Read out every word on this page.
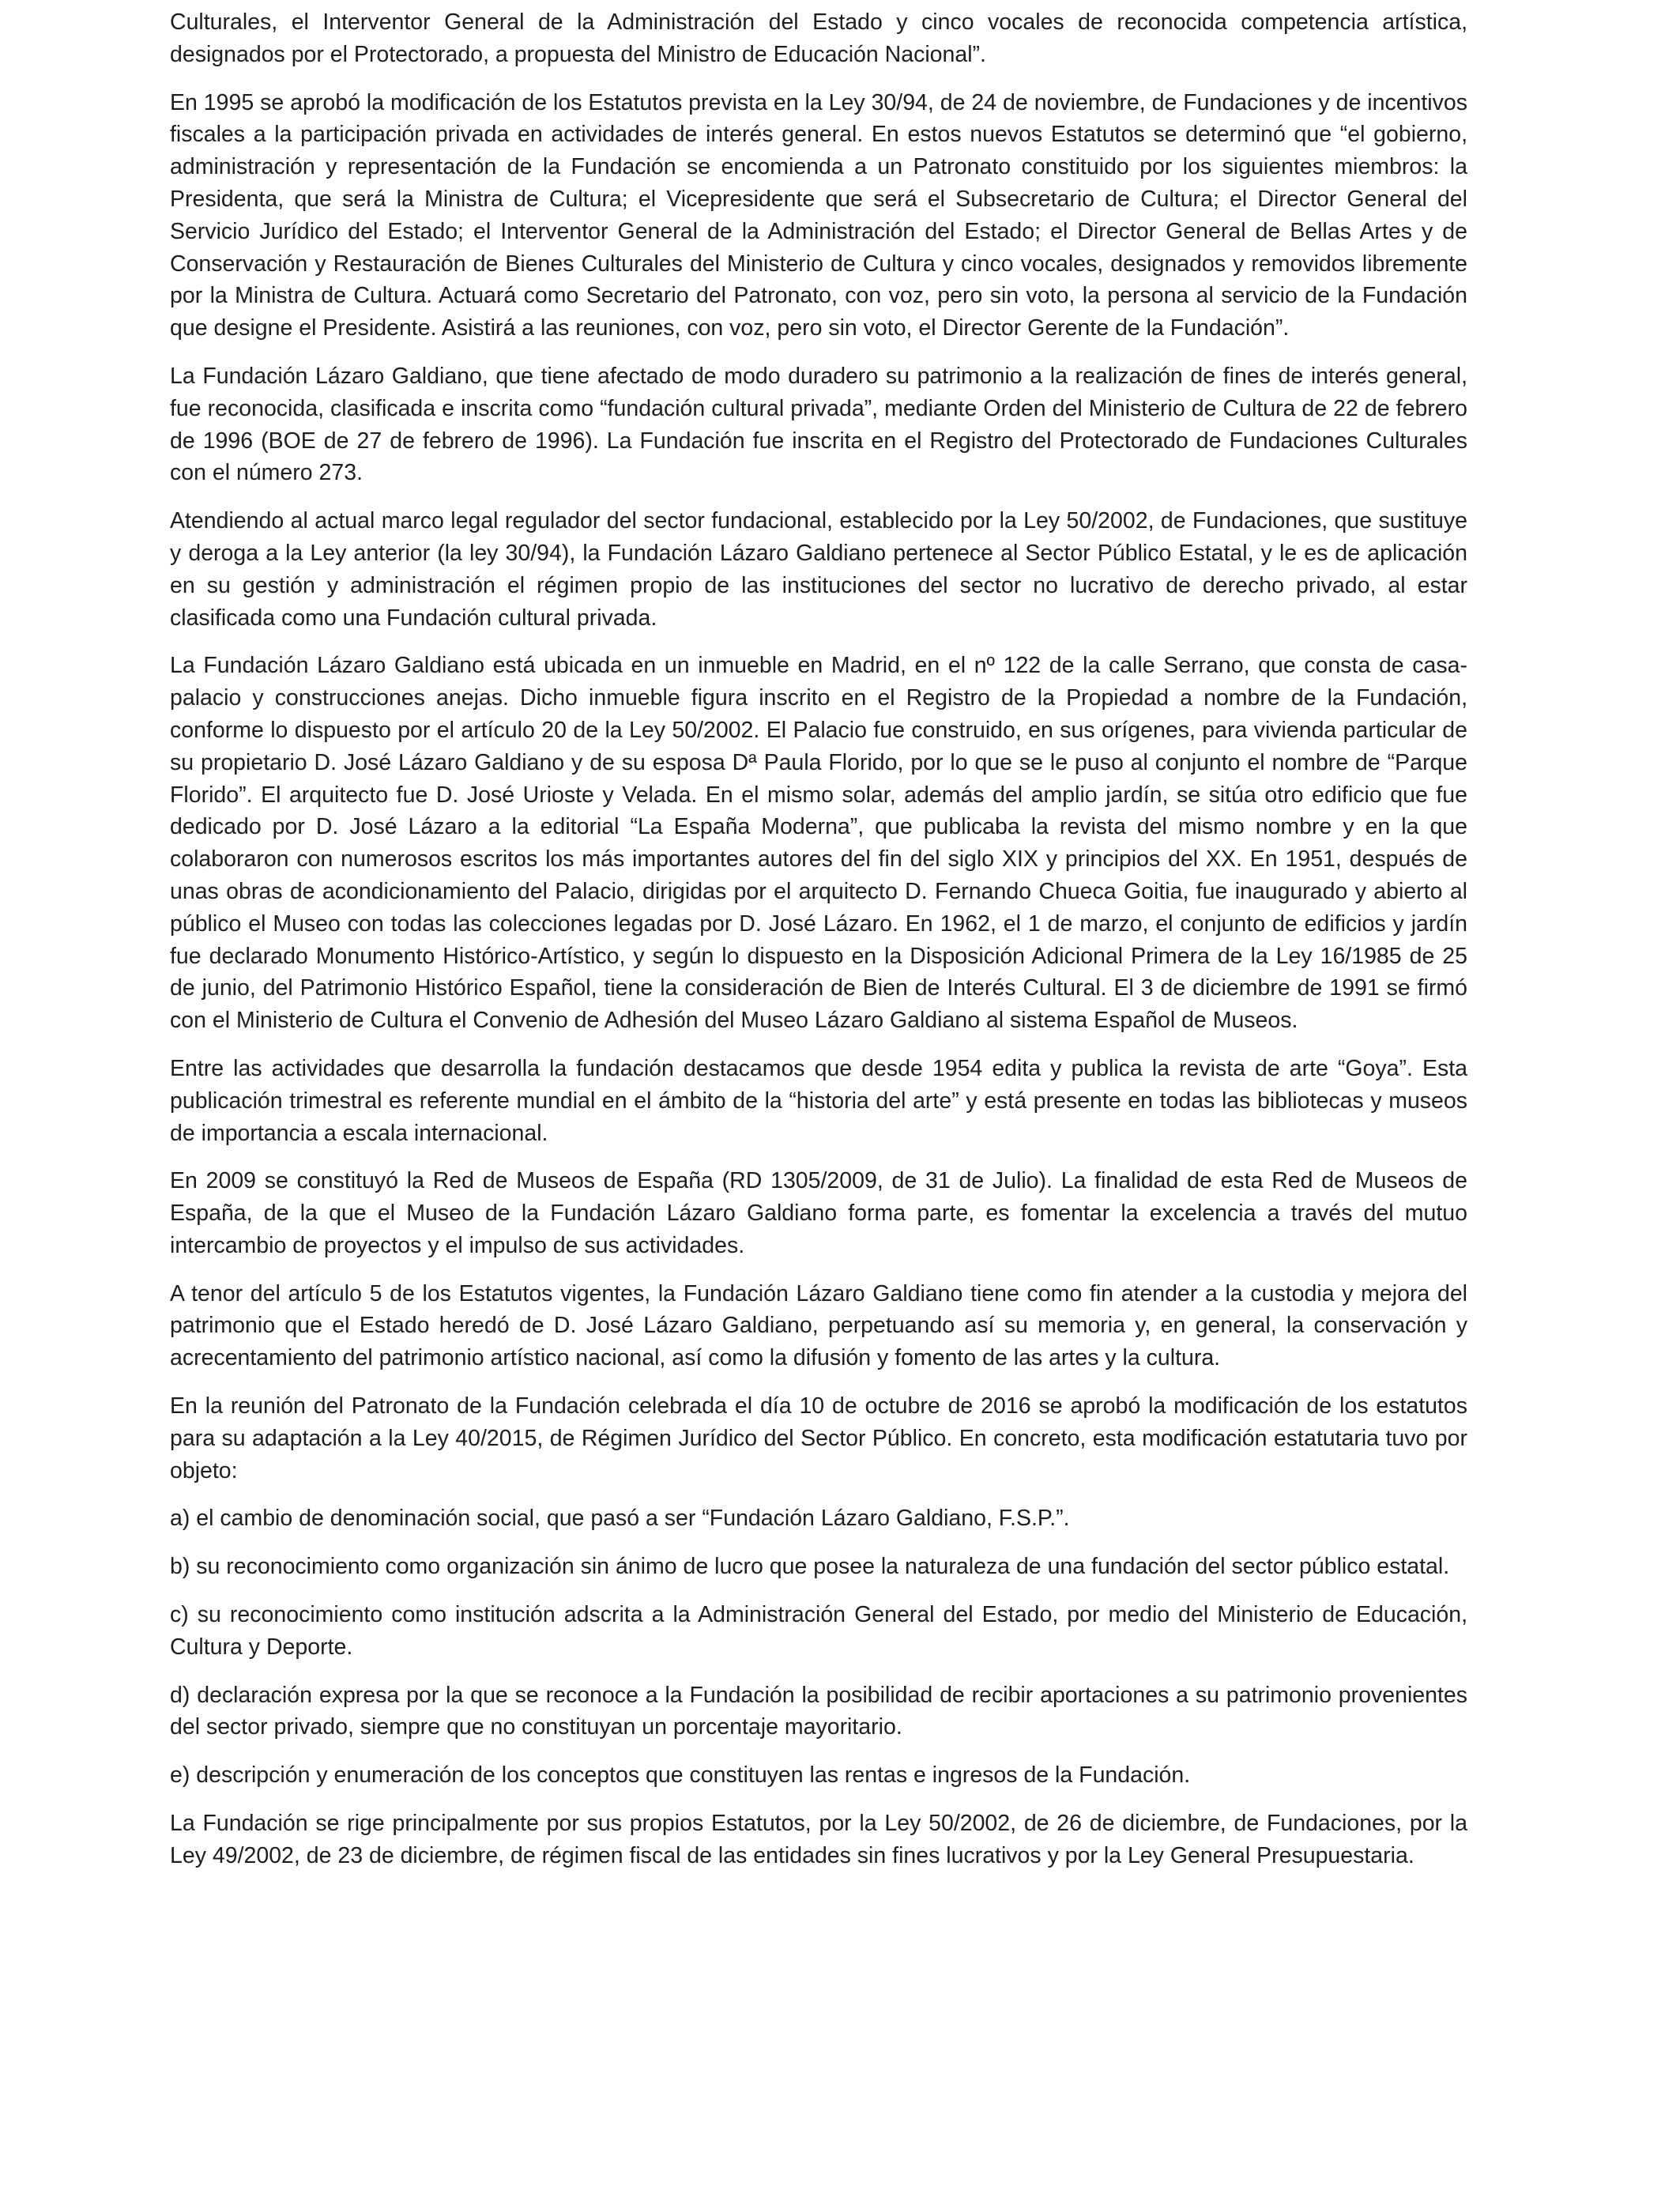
Culturales, el Interventor General de la Administración del Estado y cinco vocales de reconocida competencia artística, designados por el Protectorado, a propuesta del Ministro de Educación Nacional”.

En 1995 se aprobó la modificación de los Estatutos prevista en la Ley 30/94, de 24 de noviembre, de Fundaciones y de incentivos fiscales a la participación privada en actividades de interés general. En estos nuevos Estatutos se determinó que “el gobierno, administración y representación de la Fundación se encomienda a un Patronato constituido por los siguientes miembros: la Presidenta, que será la Ministra de Cultura; el Vicepresidente que será el Subsecretario de Cultura; el Director General del Servicio Jurídico del Estado; el Interventor General de la Administración del Estado; el Director General de Bellas Artes y de Conservación y Restauración de Bienes Culturales del Ministerio de Cultura y cinco vocales, designados y removidos libremente por la Ministra de Cultura. Actuará como Secretario del Patronato, con voz, pero sin voto, la persona al servicio de la Fundación que designe el Presidente. Asistirá a las reuniones, con voz, pero sin voto, el Director Gerente de la Fundación”.

La Fundación Lázaro Galdiano, que tiene afectado de modo duradero su patrimonio a la realización de fines de interés general, fue reconocida, clasificada e inscrita como “fundación cultural privada”, mediante Orden del Ministerio de Cultura de 22 de febrero de 1996 (BOE de 27 de febrero de 1996). La Fundación fue inscrita en el Registro del Protectorado de Fundaciones Culturales con el número 273.

Atendiendo al actual marco legal regulador del sector fundacional, establecido por la Ley 50/2002, de Fundaciones, que sustituye y deroga a la Ley anterior (la ley 30/94), la Fundación Lázaro Galdiano pertenece al Sector Público Estatal, y le es de aplicación en su gestión y administración el régimen propio de las instituciones del sector no lucrativo de derecho privado, al estar clasificada como una Fundación cultural privada.

La Fundación Lázaro Galdiano está ubicada en un inmueble en Madrid, en el nº 122 de la calle Serrano, que consta de casa-palacio y construcciones anejas. Dicho inmueble figura inscrito en el Registro de la Propiedad a nombre de la Fundación, conforme lo dispuesto por el artículo 20 de la Ley 50/2002. El Palacio fue construido, en sus orígenes, para vivienda particular de su propietario D. José Lázaro Galdiano y de su esposa Dª Paula Florido, por lo que se le puso al conjunto el nombre de “Parque Florido”. El arquitecto fue D. José Urioste y Velada. En el mismo solar, además del amplio jardín, se sitúa otro edificio que fue dedicado por D. José Lázaro a la editorial “La España Moderna”, que publicaba la revista del mismo nombre y en la que colaboraron con numerosos escritos los más importantes autores del fin del siglo XIX y principios del XX. En 1951, después de unas obras de acondicionamiento del Palacio, dirigidas por el arquitecto D. Fernando Chueca Goitia, fue inaugurado y abierto al público el Museo con todas las colecciones legadas por D. José Lázaro. En 1962, el 1 de marzo, el conjunto de edificios y jardín fue declarado Monumento Histórico-Artístico, y según lo dispuesto en la Disposición Adicional Primera de la Ley 16/1985 de 25 de junio, del Patrimonio Histórico Español, tiene la consideración de Bien de Interés Cultural. El 3 de diciembre de 1991 se firmó con el Ministerio de Cultura el Convenio de Adhesión del Museo Lázaro Galdiano al sistema Español de Museos.

Entre las actividades que desarrolla la fundación destacamos que desde 1954 edita y publica la revista de arte “Goya”. Esta publicación trimestral es referente mundial en el ámbito de la “historia del arte” y está presente en todas las bibliotecas y museos de importancia a escala internacional.

En 2009 se constituyó la Red de Museos de España (RD 1305/2009, de 31 de Julio). La finalidad de esta Red de Museos de España, de la que el Museo de la Fundación Lázaro Galdiano forma parte, es fomentar la excelencia a través del mutuo intercambio de proyectos y el impulso de sus actividades.

A tenor del artículo 5 de los Estatutos vigentes, la Fundación Lázaro Galdiano tiene como fin atender a la custodia y mejora del patrimonio que el Estado heredó de D. José Lázaro Galdiano, perpetuando así su memoria y, en general, la conservación y acrecentamiento del patrimonio artístico nacional, así como la difusión y fomento de las artes y la cultura.

En la reunión del Patronato de la Fundación celebrada el día 10 de octubre de 2016 se aprobó la modificación de los estatutos para su adaptación a la Ley 40/2015, de Régimen Jurídico del Sector Público. En concreto, esta modificación estatutaria tuvo por objeto:

a) el cambio de denominación social, que pasó a ser “Fundación Lázaro Galdiano, F.S.P.”.

b) su reconocimiento como organización sin ánimo de lucro que posee la naturaleza de una fundación del sector público estatal.

c) su reconocimiento como institución adscrita a la Administración General del Estado, por medio del Ministerio de Educación, Cultura y Deporte.

d) declaración expresa por la que se reconoce a la Fundación la posibilidad de recibir aportaciones a su patrimonio provenientes del sector privado, siempre que no constituyan un porcentaje mayoritario.

e) descripción y enumeración de los conceptos que constituyen las rentas e ingresos de la Fundación.

La Fundación se rige principalmente por sus propios Estatutos, por la Ley 50/2002, de 26 de diciembre, de Fundaciones, por la Ley 49/2002, de 23 de diciembre, de régimen fiscal de las entidades sin fines lucrativos y por la Ley General Presupuestaria.
